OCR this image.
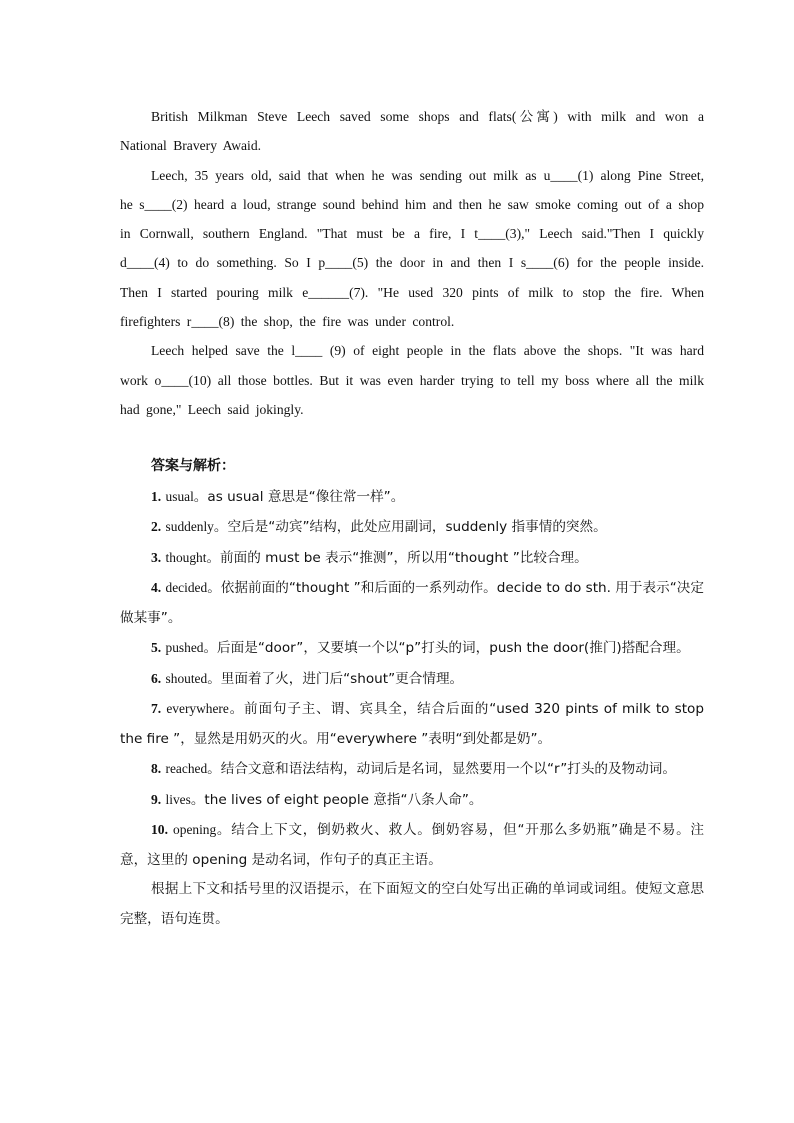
British Milkman Steve Leech saved some shops and flats(公寓) with milk and won a National Bravery Awaid.

Leech, 35 years old, said that when he was sending out milk as u____(1) along Pine Street, he s____(2) heard a loud, strange sound behind him and then he saw smoke coming out of a shop in Cornwall, southern England. "That must be a fire, I t____(3)," Leech said."Then I quickly d____(4) to do something. So I p____(5) the door in and then I s____(6) for the people inside. Then I started pouring milk e______(7). "He used 320 pints of milk to stop the fire. When firefighters r____(8) the shop, the fire was under control.

Leech helped save the l____ (9) of eight people in the flats above the shops. "It was hard work o____(10) all those bottles. But it was even harder trying to tell my boss where all the milk had gone," Leech said jokingly.

答案与解析：

1. usual。as usual 意思是“像往常一样”。

2. suddenly。空后是“动宾”结构，此处应用副词，suddenly 指事情的突然。

3. thought。前面的 must be 表示“推测”，所以用“thought ”比较合理。

4. decided。依据前面的“thought ”和后面的一系列动作。decide to do sth. 用于表示“决定做某事”。

5. pushed。后面是“door”，又要填一个以“p”打头的词，push the door(推门)搭配合理。

6. shouted。里面着了火，进门后“shout”更合情理。

7. everywhere。前面句子主、谓、宾具全，结合后面的“used 320 pints of milk to stop the fire ”，显然是用奶灭的火。用“everywhere ”表明“到处都是奶”。

8. reached。结合文意和语法结构，动词后是名词，显然要用一个以“r”打头的及物动词。

9. lives。the lives of eight people 意指“八条人命”。

10. opening。结合上下文，倒奶救火、救人。倒奶容易，但“开那么多奶瓶”确是不易。注意，这里的 opening 是动名词，作句子的真正主语。

根据上下文和括号里的汉语提示，在下面短文的空白处写出正确的单词或词组。使短文意思完整，语句连贯。
